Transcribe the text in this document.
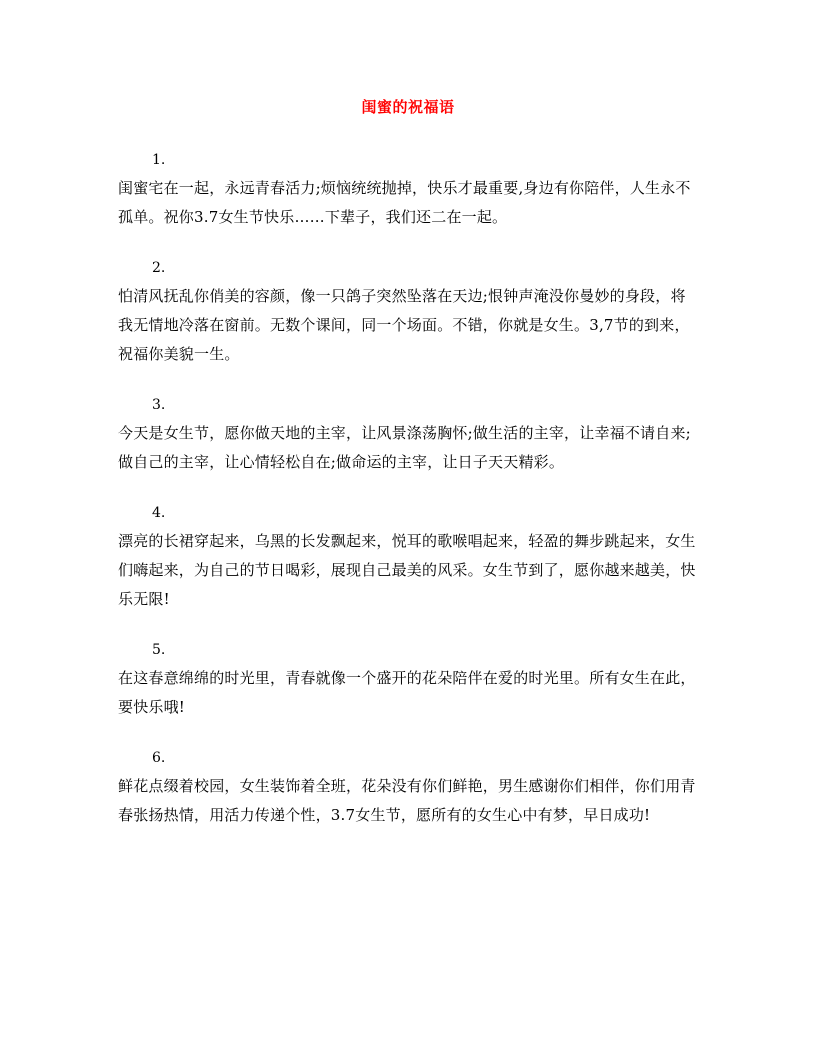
闺蜜的祝福语
1.
闺蜜宅在一起，永远青春活力;烦恼统统抛掉，快乐才最重要,身边有你陪伴，人生永不孤单。祝你3.7女生节快乐……下辈子，我们还二在一起。
2.
怕清风抚乱你俏美的容颜，像一只鸽子突然坠落在天边;恨钟声淹没你曼妙的身段，将我无情地冷落在窗前。无数个课间，同一个场面。不错，你就是女生。3,7节的到来，祝福你美貌一生。
3.
今天是女生节，愿你做天地的主宰，让风景涤荡胸怀;做生活的主宰，让幸福不请自来;做自己的主宰，让心情轻松自在;做命运的主宰，让日子天天精彩。
4.
漂亮的长裙穿起来，乌黑的长发飘起来，悦耳的歌喉唱起来，轻盈的舞步跳起来，女生们嗨起来，为自己的节日喝彩，展现自己最美的风采。女生节到了，愿你越来越美，快乐无限!
5.
在这春意绵绵的时光里，青春就像一个盛开的花朵陪伴在爱的时光里。所有女生在此，要快乐哦!
6.
鲜花点缀着校园，女生装饰着全班，花朵没有你们鲜艳，男生感谢你们相伴，你们用青春张扬热情，用活力传递个性，3.7女生节，愿所有的女生心中有梦，早日成功!
